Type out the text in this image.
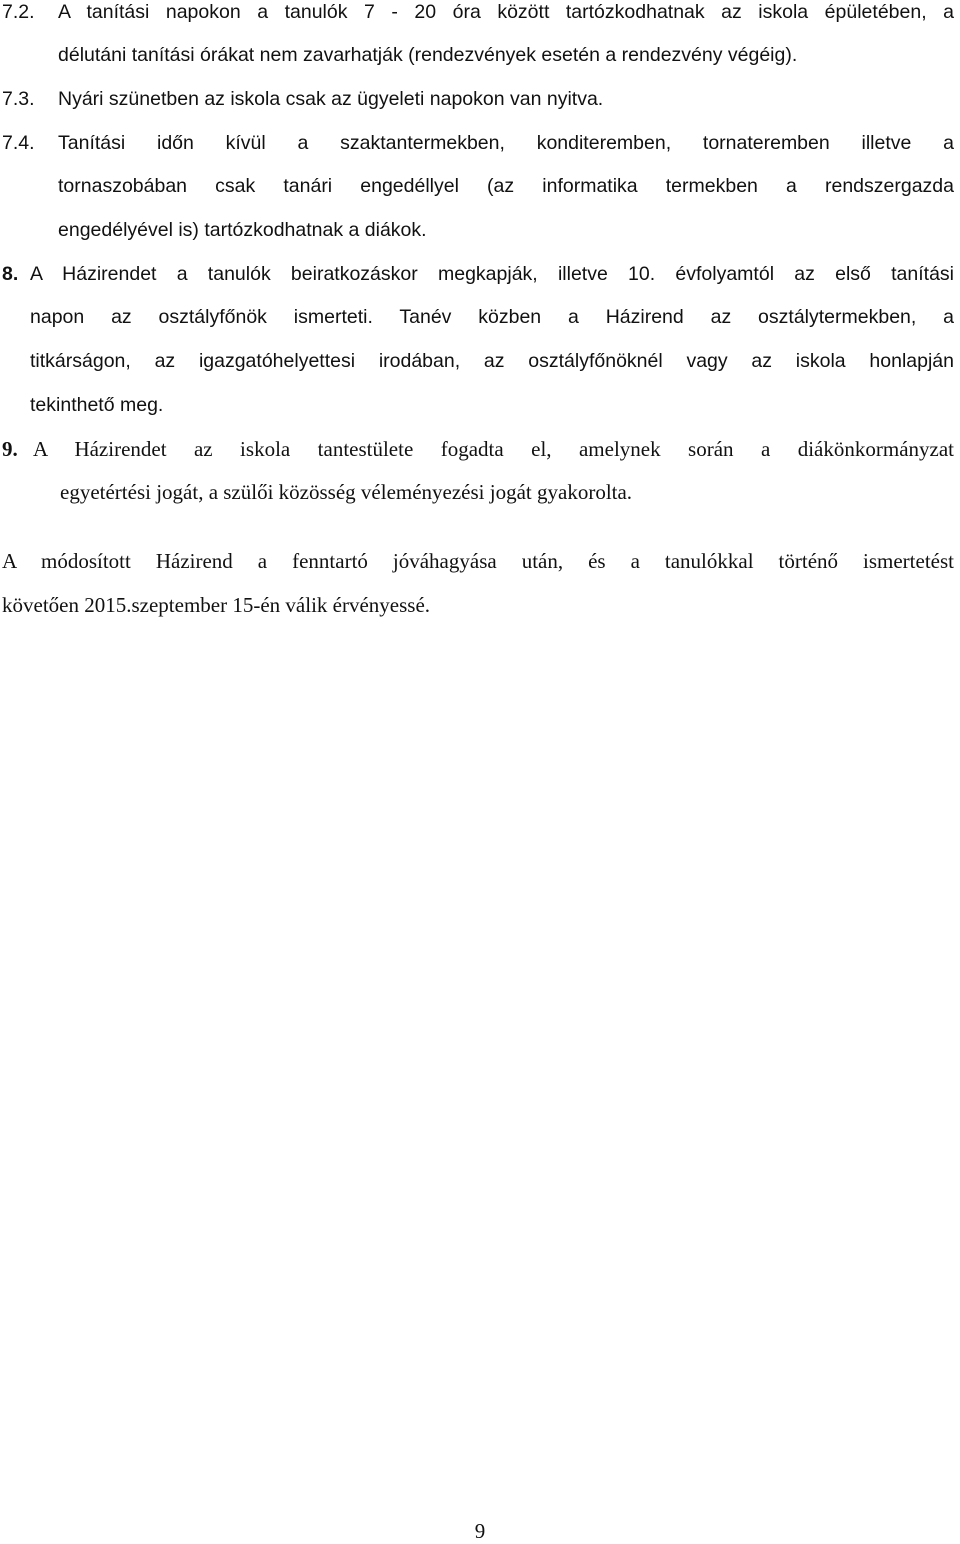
7.2. A tanítási napokon a tanulók 7 - 20 óra között tartózkodhatnak az iskola épületében, a
délutáni tanítási órákat nem zavarhatják (rendezvények esetén a rendezvény végéig).
7.3. Nyári szünetben az iskola csak az ügyeleti napokon van nyitva.
7.4. Tanítási időn kívül a szaktantermekben, konditeremben, tornateremben illetve a
tornaszobában csak tanári engedéllyel (az informatika termekben a rendszergazda
engedélyével is) tartózkodhatnak a diákok.
8. A Házirendet a tanulók beiratkozáskor megkapják, illetve 10. évfolyamtól az első tanítási
napon az osztályfőnök ismerteti. Tanév közben a Házirend az osztálytermekben, a
titkárságon, az igazgatóhelyettesi irodában, az osztályfőnöknél vagy az iskola honlapján
tekinthető meg.
9. A Házirendet az iskola tantestülete fogadta el, amelynek során a diákönkormányzat
egyetértési jogát, a szülői közösség véleményezési jogát gyakorolta.
A módosított Házirend a fenntartó jóváhagyása után, és a tanulókkal történő ismertetést
követően 2015.szeptember 15-én válik érvényessé.
9
